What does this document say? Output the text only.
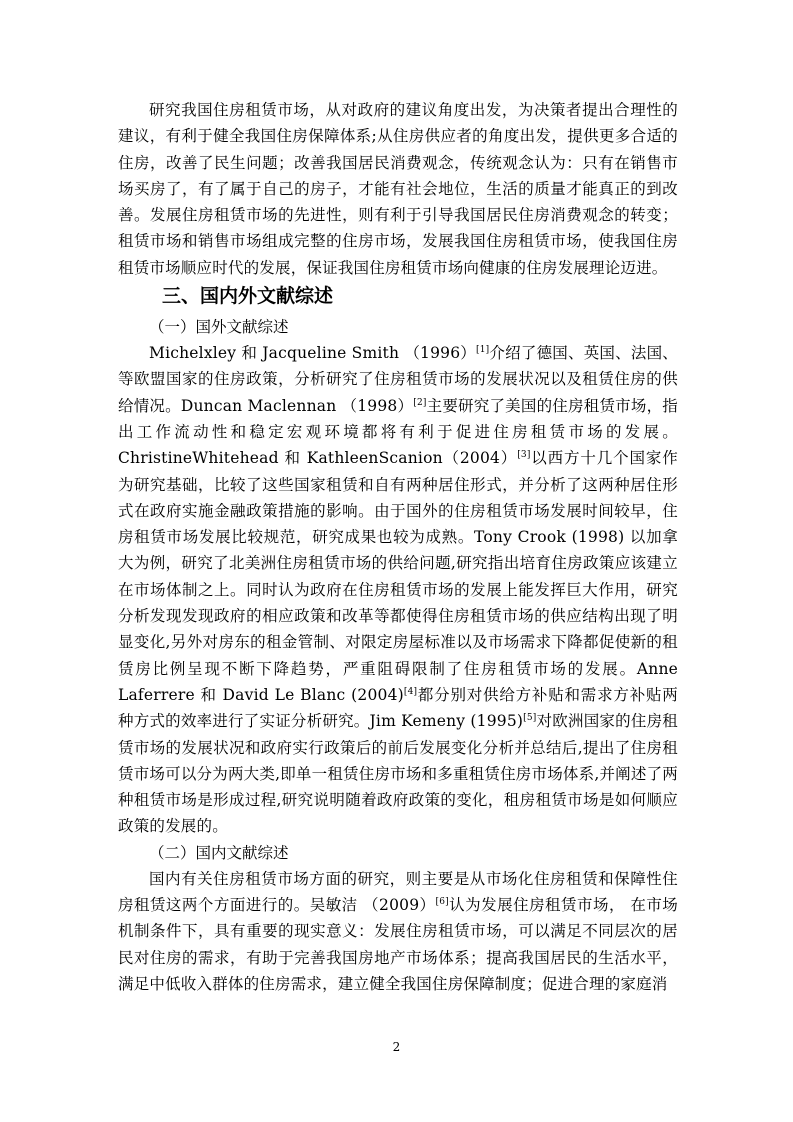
研究我国住房租赁市场，从对政府的建议角度出发，为决策者提出合理性的建议，有利于健全我国住房保障体系;从住房供应者的角度出发，提供更多合适的住房，改善了民生问题；改善我国居民消费观念，传统观念认为：只有在销售市场买房了，有了属于自己的房子，才能有社会地位，生活的质量才能真正的到改善。发展住房租赁市场的先进性，则有利于引导我国居民住房消费观念的转变；租赁市场和销售市场组成完整的住房市场，发展我国住房租赁市场，使我国住房租赁市场顺应时代的发展，保证我国住房租赁市场向健康的住房发展理论迈进。

三、国内外文献综述
（一）国外文献综述

Michelxley 和 Jacqueline Smith （1996）[1]介绍了德国、英国、法国、等欧盟国家的住房政策，分析研究了住房租赁市场的发展状况以及租赁住房的供给情况。Duncan Maclennan （1998）[2]主要研究了美国的住房租赁市场，指出工作流动性和稳定宏观环境都将有利于促进住房租赁市场的发展。ChristineWhitehead 和 KathleenScanion（2004）[3]以西方十几个国家作为研究基础，比较了这些国家租赁和自有两种居住形式，并分析了这两种居住形式在政府实施金融政策措施的影响。由于国外的住房租赁市场发展时间较早，住房租赁市场发展比较规范，研究成果也较为成熟。Tony Crook (1998) 以加拿大为例，研究了北美洲住房租赁市场的供给问题,研究指出培育住房政策应该建立在市场体制之上。同时认为政府在住房租赁市场的发展上能发挥巨大作用，研究分析发现发现政府的相应政策和改革等都使得住房租赁市场的供应结构出现了明显变化,另外对房东的租金管制、对限定房屋标准以及市场需求下降都促使新的租赁房比例呈现不断下降趋势，严重阻碍限制了住房租赁市场的发展。Anne Laferrere 和 David Le Blanc (2004)[4]都分别对供给方补贴和需求方补贴两种方式的效率进行了实证分析研究。Jim Kemeny (1995)[5]对欧洲国家的住房租赁市场的发展状况和政府实行政策后的前后发展变化分析并总结后,提出了住房租赁市场可以分为两大类,即单一租赁住房市场和多重租赁住房市场体系,并阐述了两种租赁市场是形成过程,研究说明随着政府政策的变化，租房租赁市场是如何顺应政策的发展的。

（二）国内文献综述

国内有关住房租赁市场方面的研究，则主要是从市场化住房租赁和保障性住房租赁这两个方面进行的。吴敏洁 （2009）[6]认为发展住房租赁市场， 在市场机制条件下，具有重要的现实意义：发展住房租赁市场，可以满足不同层次的居民对住房的需求，有助于完善我国房地产市场体系；提高我国居民的生活水平，满足中低收入群体的住房需求，建立健全我国住房保障制度；促进合理的家庭消

2
